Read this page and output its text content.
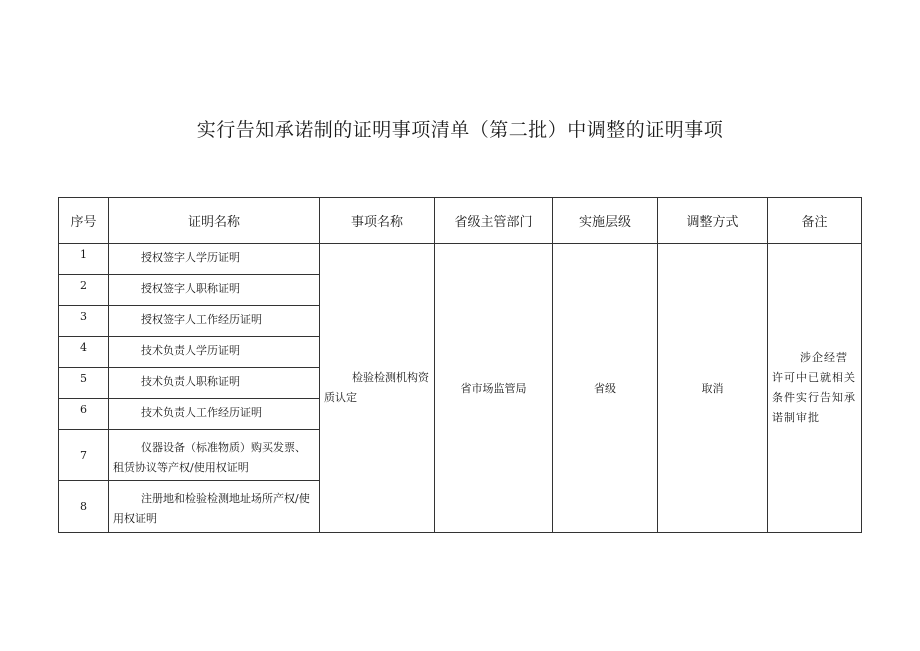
实行告知承诺制的证明事项清单（第二批）中调整的证明事项
序号	证明名称	事项名称	省级主管部门	实施层级	调整方式	备注
1	授权签字人学历证明	检验检测机构资质认定	省市场监管局	省级	取消	涉企经营许可中已就相关条件实行告知承诺制审批
2	授权签字人职称证明					
3	授权签字人工作经历证明					
4	技术负责人学历证明					
5	技术负责人职称证明					
6	技术负责人工作经历证明					
7	仪器设备（标准物质）购买发票、租赁协议等产权/使用权证明					
8	注册地和检验检测地址场所产权/使用权证明					
